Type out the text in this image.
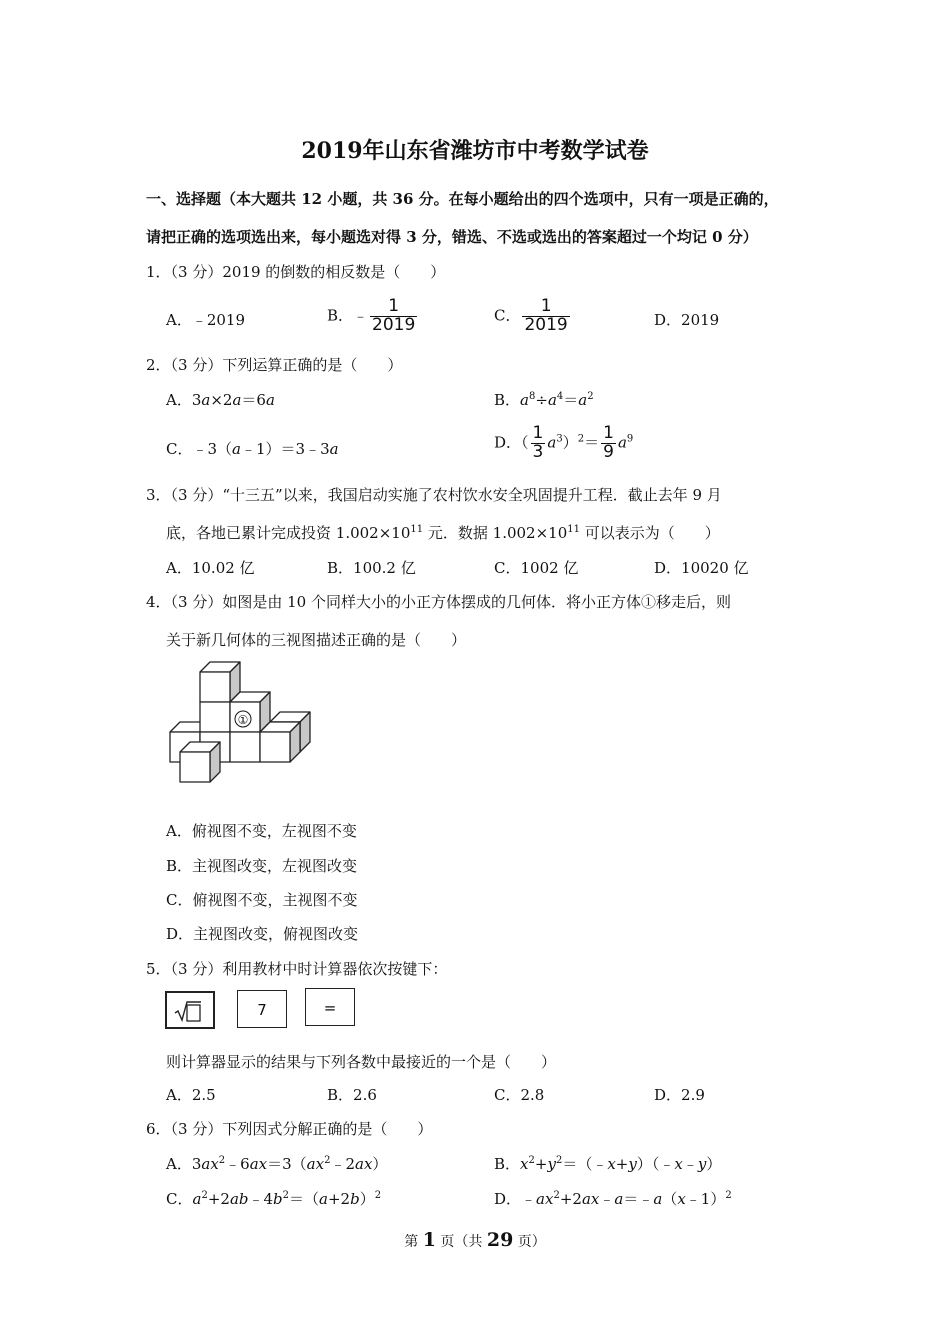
2019年山东省潍坊市中考数学试卷
一、选择题（本大题共 12 小题，共 36 分。在每小题给出的四个选项中，只有一项是正确的，
请把正确的选项选出来，每小题选对得 3 分，错选、不选或选出的答案超过一个均记 0 分）
1．（3 分）2019 的倒数的相反数是（　　）
A．﹣2019	B．﹣ $\frac{1}{2019}$	C． $\frac{1}{2019}$	D．2019
2．（3 分）下列运算正确的是（　　）
A．3a×2a＝6a	B．$a^8\div a^4=a^2$
C．﹣3（a﹣1）＝3﹣3a	D．（ $\frac{1}{3} a^3)^2= \frac{1}{9} a^9$
3．（3 分）“十三五”以来，我国启动实施了农村饮水安全巩固提升工程．截止去年 9 月
底，各地已累计完成投资 $1.002\times 10^{11}$ 元．数据 $1.002\times 10^{11}$ 可以表示为（　　）
A．10.02 亿	B．100.2 亿	C．1002 亿	D．10020 亿
4．（3 分）如图是由 10 个同样大小的小正方体摆成的几何体．将小正方体①移走后，则
关于新几何体的三视图描述正确的是（　　）
①
A．俯视图不变，左视图不变
B．主视图改变，左视图改变
C．俯视图不变，主视图不变
D．主视图改变，俯视图改变
5．（3 分）利用教材中时计算器依次按键下：
7	=
则计算器显示的结果与下列各数中最接近的一个是（　　）
A．2.5	B．2.6	C．2.8	D．2.9
6．（3 分）下列因式分解正确的是（　　）
A．$3ax^2﹣6ax=3(ax^2﹣2ax)$	B．$x^2+y^2=(﹣x+y)(﹣x﹣y)$
C．$a^2+2ab﹣4b^2=(a+2b)^2$	D．$﹣ax^2+2ax﹣a=﹣a(x﹣1)^2$
第 1 页（共 29 页）
